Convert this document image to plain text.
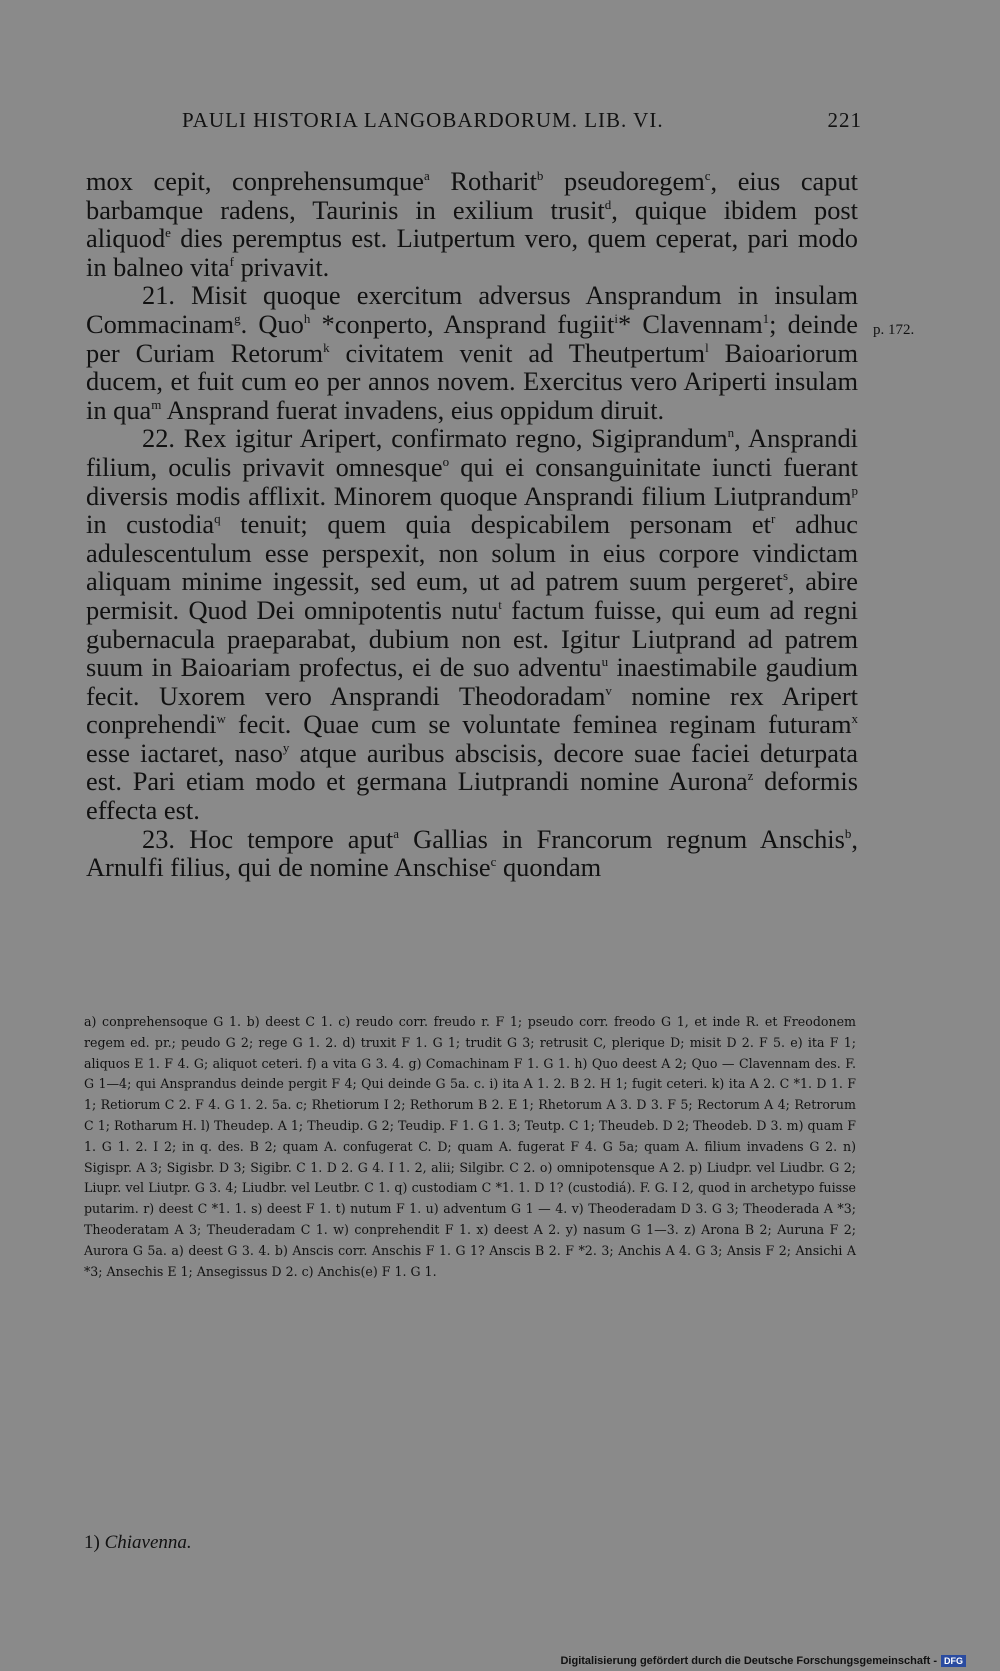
PAULI HISTORIA LANGOBARDORUM. LIB. VI.	221
p. 172.

mox cepit, conprehensumque$^a$ Rotharit$^b$ pseudoregem$^c$, eius caput barbamque radens, Taurinis in exilium trusit$^d$, quique ibidem post aliquod$^e$ dies peremptus est. Liutpertum vero, quem ceperat, pari modo in balneo vita$^f$ privavit.

21. Misit quoque exercitum adversus Ansprandum in insulam Commacinam$^g$. Quo$^h$ *conperto, Ansprand fugiit$^i$* Clavennam$^1$; deinde per Curiam Retorum$^k$ civitatem venit ad Theutpertum$^l$ Baioariorum ducem, et fuit cum eo per annos novem. Exercitus vero Ariperti insulam in qua$^m$ Ansprand fuerat invadens, eius oppidum diruit.

22. Rex igitur Aripert, confirmato regno, Sigiprandum$^n$, Ansprandi filium, oculis privavit omnesque$^o$ qui ei consanguinitate iuncti fuerant diversis modis afflixit. Minorem quoque Ansprandi filium Liutprandum$^p$ in custodia$^q$ tenuit; quem quia despicabilem personam $et^r$ adhuc adulescentulum esse perspexit, non solum in eius corpore vindictam aliquam minime ingessit, sed eum, ut ad patrem suum pergeret$^s$, abire permisit. Quod Dei omnipotentis nutu$^t$ factum fuisse, qui eum ad regni gubernacula praeparabat, dubium non est. Igitur Liutprand ad patrem suum in Baioariam profectus, ei de suo adventu$^u$ inaestimabile gaudium fecit. Uxorem vero Ansprandi Theodoradam$^v$ nomine rex Aripert conprehendi$^w$ fecit. Quae cum se voluntate feminea reginam futuram$^x$ esse iactaret, naso$^y$ atque auribus abscisis, decore suae faciei deturpata est. Pari etiam modo et germana Liutprandi nomine Aurona$^z$ deformis effecta est.

23. Hoc tempore aput$^a$ Gallias in Francorum regnum Anschis$^b$, Arnulfi filius, qui de nomine Anschise$^c$ quondam

a) conprehensoque G 1. b) deest C 1. c) reudo corr. freudo r. F 1; pseudo corr. freodo G 1, et inde R. et Freodonem regem ed. pr.; peudo G 2; rege G 1. 2. d) truxit F 1. G 1; trudit G 3; retrusit C, plerique D; misit D 2. F 5. e) ita F 1; aliquos E 1. F 4. G; aliquot ceteri. f) a vita G 3. 4. g) Comachinam F 1. G 1. h) Quo deest A 2; Quo — Clavennam des. F. G 1—4; qui Ansprandus deinde pergit F 4; Qui deinde G 5a. c. i) ita A 1. 2. B 2. H 1; fugit ceteri. k) ita A 2. C *1. D 1. F 1; Retiorum C 2. F 4. G 1. 2. 5a. c; Rhetiorum I 2; Rethorum B 2. E 1; Rhetorum A 3. D 3. F 5; Rectorum A 4; Retrorum C 1; Rotharum H. l) Theudep. A 1; Theudip. G 2; Teudip. F 1. G 1. 3; Teutp. C 1; Theudeb. D 2; Theodeb. D 3. m) quam F 1. G 1. 2. I 2; in q. des. B 2; quam A. confugerat C. D; quam A. fugerat F 4. G 5a; quam A. filium invadens G 2. n) Sigispr. A 3; Sigisbr. D 3; Sigibr. C 1. D 2. G 4. I 1. 2, alii; Silgibr. C 2. o) omnipotensque A 2. p) Liudpr. vel Liudbr. G 2; Liupr. vel Liutpr. G 3. 4; Liudbr. vel Leutbr. C 1. q) custodiam C *1. 1. D 1? (custodiá). F. G. I 2, quod in archetypo fuisse putarim. r) deest C *1. 1. s) deest F 1. t) nutum F 1. u) adventum G 1 — 4. v) Theoderadam D 3. G 3; Theoderada A *3; Theoderatam A 3; Theuderadam C 1. w) conprehendit F 1. x) deest A 2. y) nasum G 1—3. z) Arona B 2; Auruna F 2; Aurora G 5a. a) deest G 3. 4. b) Anscis corr. Anschis F 1. G 1? Anscis B 2. F *2. 3; Anchis A 4. G 3; Ansis F 2; Ansichi A *3; Ansechis E 1; Ansegissus D 2. c) Anchis(e) F 1. G 1.

1) Chiavenna.
Digitalisierung gefördert durch die Deutsche Forschungsgemeinschaft - DFG
